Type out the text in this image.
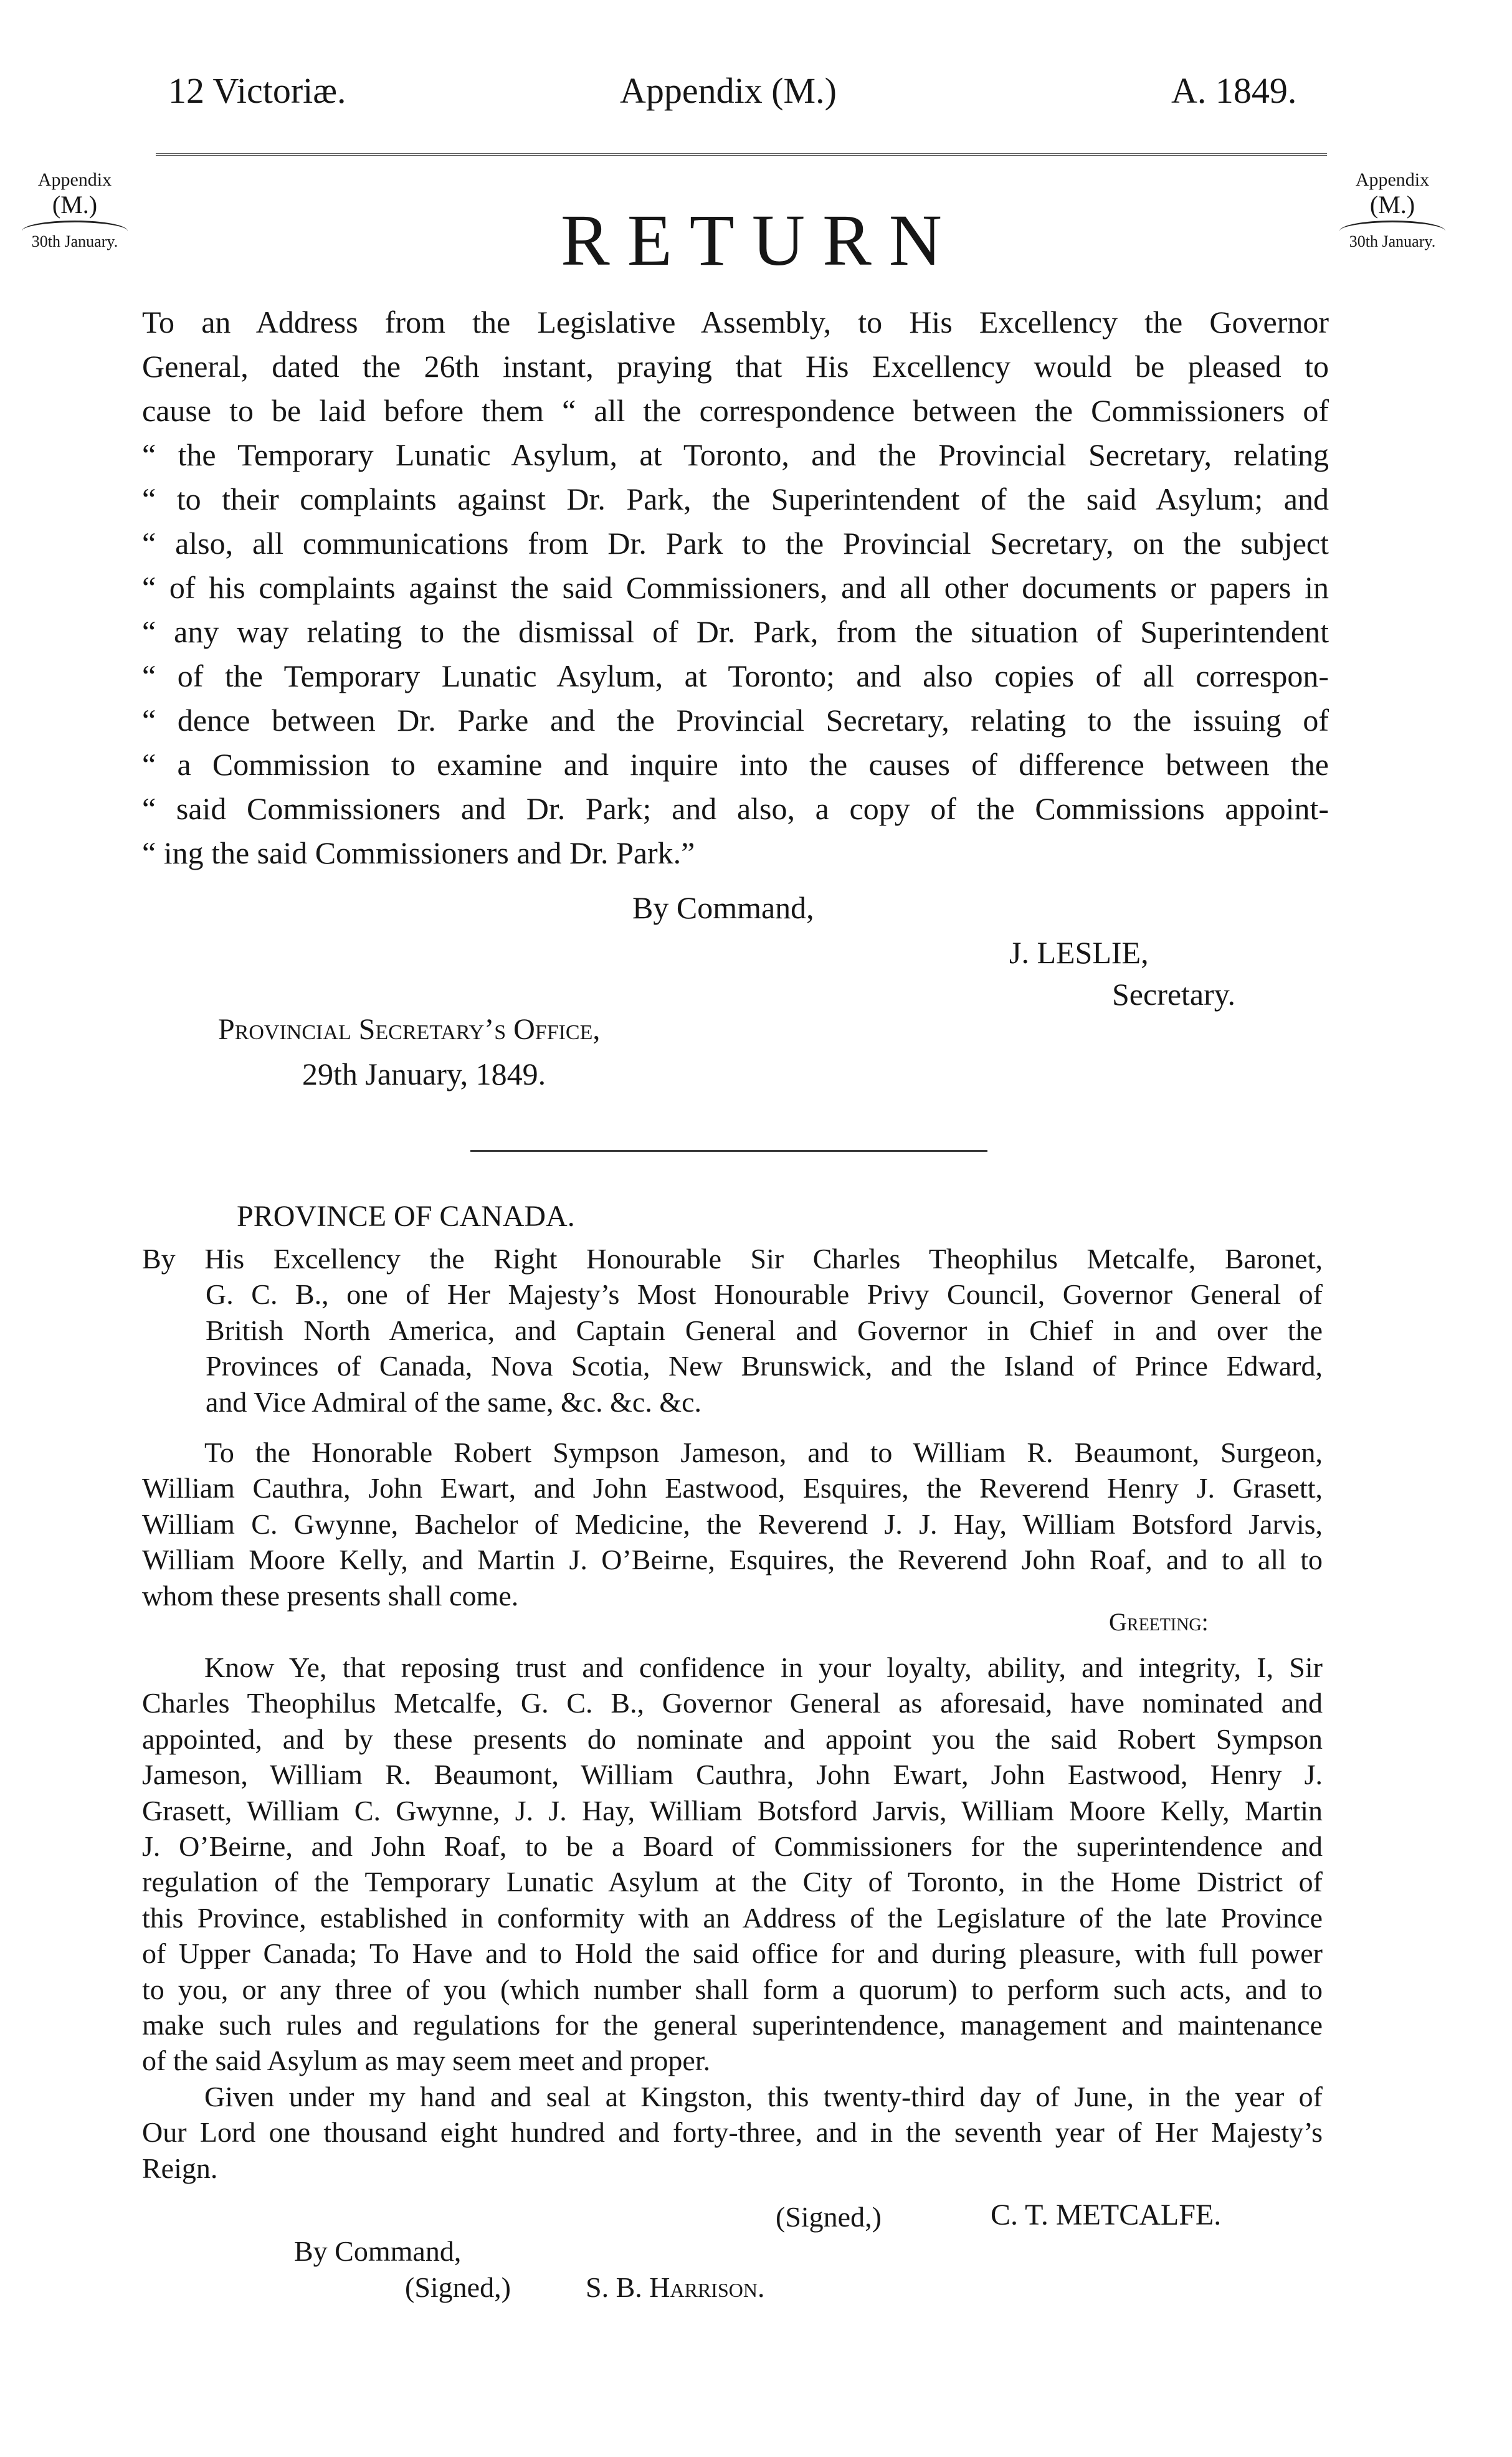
12 Victoriæ.	Appendix (M.)	A. 1849.
Appendix
(M.)
30th January.
Appendix
(M.)
30th January.
RETURN
To an Address from the Legislative Assembly, to His Excellency the Governor
General, dated the 26th instant, praying that His Excellency would be pleased to
cause to be laid before them “ all the correspondence between the Commissioners of
“ the Temporary Lunatic Asylum, at Toronto, and the Provincial Secretary, relating
“ to their complaints against Dr. Park, the Superintendent of the said Asylum; and
“ also, all communications from Dr. Park to the Provincial Secretary, on the subject
“ of his complaints against the said Commissioners, and all other documents or papers in
“ any way relating to the dismissal of Dr. Park, from the situation of Superintendent
“ of the Temporary Lunatic Asylum, at Toronto; and also copies of all correspon-
“ dence between Dr. Parke and the Provincial Secretary, relating to the issuing of
“ a Commission to examine and inquire into the causes of difference between the
“ said Commissioners and Dr. Park; and also, a copy of the Commissions appoint-
“ ing the said Commissioners and Dr. Park.”
By Command,
J. LESLIE,
Secretary.
Provincial Secretary’s Office,
29th January, 1849.
PROVINCE OF CANADA.
By His Excellency the Right Honourable Sir Charles Theophilus Metcalfe, Baronet,
G. C. B., one of Her Majesty’s Most Honourable Privy Council, Governor General of
British North America, and Captain General and Governor in Chief in and over the
Provinces of Canada, Nova Scotia, New Brunswick, and the Island of Prince Edward,
and Vice Admiral of the same, &c. &c. &c.
To the Honorable Robert Sympson Jameson, and to William R. Beaumont, Surgeon,
William Cauthra, John Ewart, and John Eastwood, Esquires, the Reverend Henry J. Grasett,
William C. Gwynne, Bachelor of Medicine, the Reverend J. J. Hay, William Botsford Jarvis,
William Moore Kelly, and Martin J. O’Beirne, Esquires, the Reverend John Roaf, and to all to
whom these presents shall come.
Greeting:
Know Ye, that reposing trust and confidence in your loyalty, ability, and integrity, I, Sir
Charles Theophilus Metcalfe, G. C. B., Governor General as aforesaid, have nominated and
appointed, and by these presents do nominate and appoint you the said Robert Sympson
Jameson, William R. Beaumont, William Cauthra, John Ewart, John Eastwood, Henry J.
Grasett, William C. Gwynne, J. J. Hay, William Botsford Jarvis, William Moore Kelly, Martin
J. O’Beirne, and John Roaf, to be a Board of Commissioners for the superintendence and
regulation of the Temporary Lunatic Asylum at the City of Toronto, in the Home District of
this Province, established in conformity with an Address of the Legislature of the late Province
of Upper Canada; To Have and to Hold the said office for and during pleasure, with full power
to you, or any three of you (which number shall form a quorum) to perform such acts, and to
make such rules and regulations for the general superintendence, management and maintenance
of the said Asylum as may seem meet and proper.
Given under my hand and seal at Kingston, this twenty-third day of June, in the year of
Our Lord one thousand eight hundred and forty-three, and in the seventh year of Her Majesty’s
Reign.
(Signed,)	C. T. METCALFE.
By Command,
(Signed,)	S. B. Harrison.
